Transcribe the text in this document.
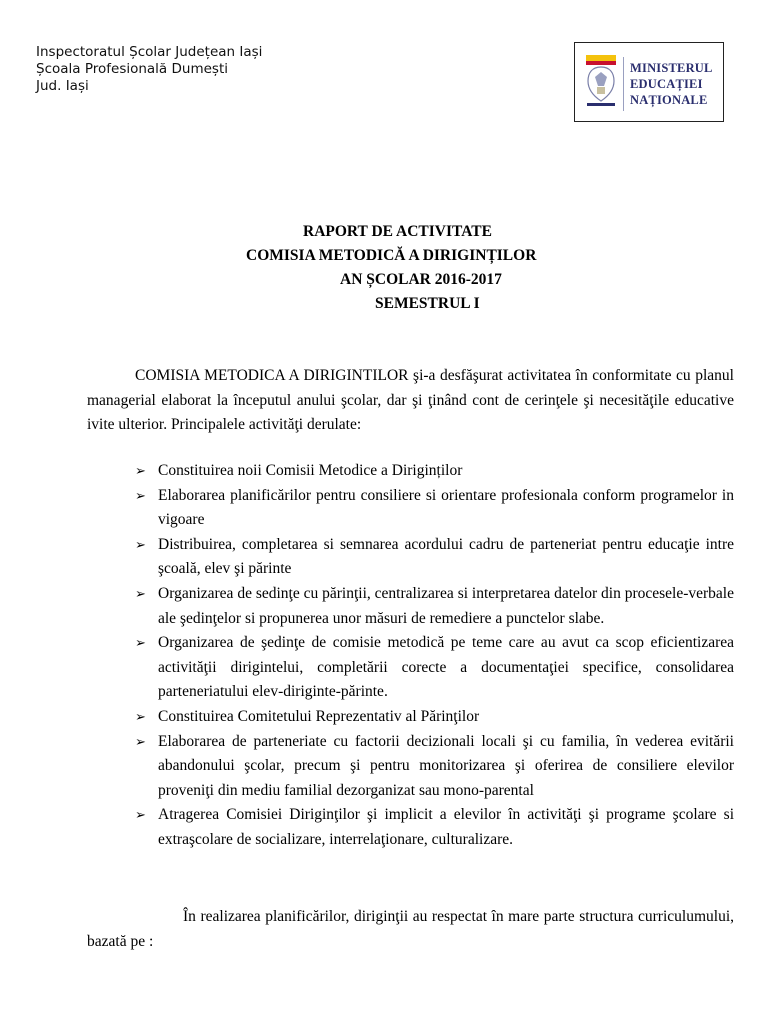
Inspectoratul Școlar Județean Iași
Școala Profesională Dumești
Jud. Iași
MINISTERUL
EDUCAȚIEI
NAȚIONALE
RAPORT DE ACTIVITATE
COMISIA METODICĂ A DIRIGINȚILOR
AN ȘCOLAR 2016-2017
SEMESTRUL I
COMISIA METODICA A DIRIGINTILOR şi-a desfăşurat activitatea în conformitate cu planul managerial elaborat la începutul anului şcolar, dar şi ţinând cont de cerinţele şi necesităţile educative ivite ulterior. Principalele activităţi derulate:
➢ Constituirea noii Comisii Metodice a Diriginților
➢ Elaborarea planificărilor pentru consiliere si orientare profesionala conform programelor in vigoare
➢ Distribuirea, completarea si semnarea acordului cadru de parteneriat pentru educaţie intre şcoală, elev şi părinte
➢ Organizarea de sedinţe cu părinţii, centralizarea si interpretarea datelor din procesele-verbale ale şedinţelor si propunerea unor măsuri de remediere a punctelor slabe.
➢ Organizarea de şedinţe de comisie metodică pe teme care au avut ca scop eficientizarea activităţii dirigintelui, completării corecte a documentaţiei specifice, consolidarea parteneriatului elev-diriginte-părinte.
➢ Constituirea Comitetului Reprezentativ al Părinţilor
➢ Elaborarea de parteneriate cu factorii decizionali locali şi cu familia, în vederea evitării abandonului şcolar, precum şi pentru monitorizarea şi oferirea de consiliere elevilor proveniţi din mediu familial dezorganizat sau mono-parental
➢ Atragerea Comisiei Diriginţilor şi implicit a elevilor în activităţi şi programe şcolare si extraşcolare de socializare, interrelaţionare, culturalizare.
În realizarea planificărilor, diriginţii au respectat în mare parte structura curriculumului, bazată pe :
